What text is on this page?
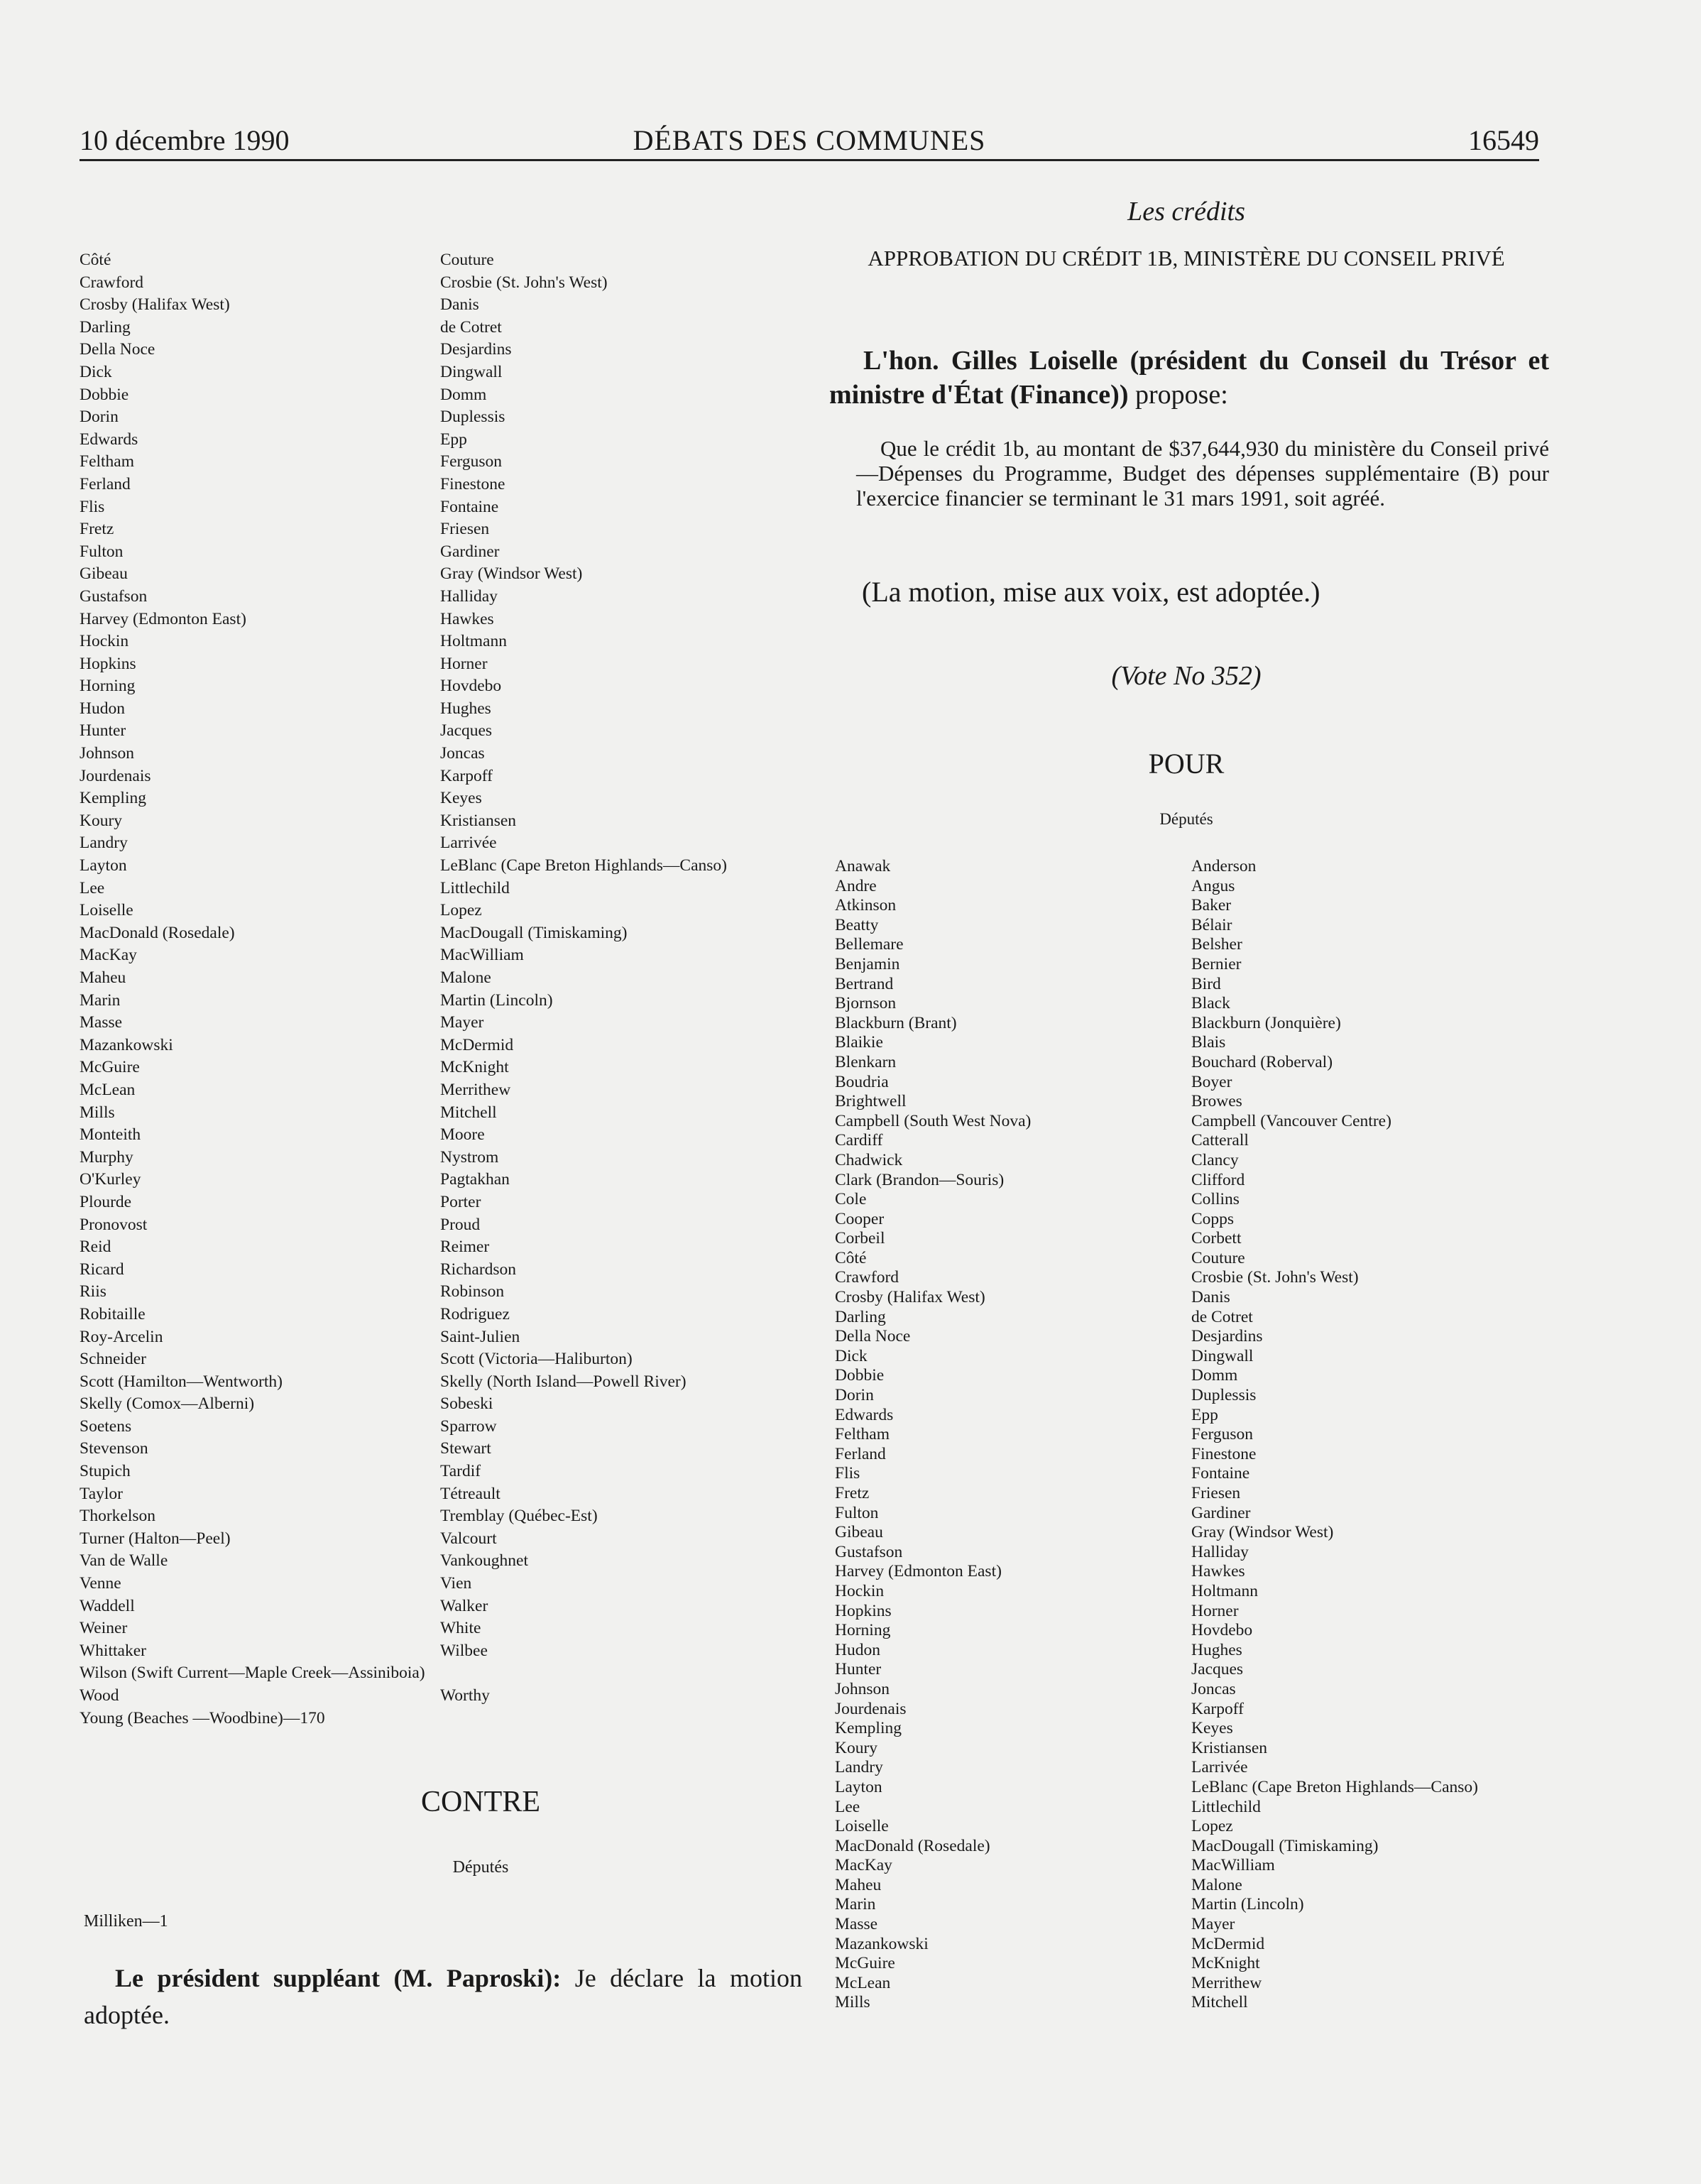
10 décembre 1990	DÉBATS DES COMMUNES	16549
Côté
Crawford
Crosby (Halifax West)
Darling
Della Noce
Dick
Dobbie
Dorin
Edwards
Feltham
Ferland
Flis
Fretz
Fulton
Gibeau
Gustafson
Harvey (Edmonton East)
Hockin
Hopkins
Horning
Hudon
Hunter
Johnson
Jourdenais
Kempling
Koury
Landry
Layton
Lee
Loiselle
MacDonald (Rosedale)
MacKay
Maheu
Marin
Masse
Mazankowski
McGuire
McLean
Mills
Monteith
Murphy
O'Kurley
Plourde
Pronovost
Reid
Ricard
Riis
Robitaille
Roy-Arcelin
Schneider
Scott (Hamilton—Wentworth)
Skelly (Comox—Alberni)
Soetens
Stevenson
Stupich
Taylor
Thorkelson
Turner (Halton—Peel)
Van de Walle
Venne
Waddell
Weiner
Whittaker
Wilson (Swift Current—Maple Creek—Assiniboia)
Wood
Young (Beaches —Woodbine)—170
Couture
Crosbie (St. John's West)
Danis
de Cotret
Desjardins
Dingwall
Domm
Duplessis
Epp
Ferguson
Finestone
Fontaine
Friesen
Gardiner
Gray (Windsor West)
Halliday
Hawkes
Holtmann
Horner
Hovdebo
Hughes
Jacques
Joncas
Karpoff
Keyes
Kristiansen
Larrivée
LeBlanc (Cape Breton Highlands—Canso)
Littlechild
Lopez
MacDougall (Timiskaming)
MacWilliam
Malone
Martin (Lincoln)
Mayer
McDermid
McKnight
Merrithew
Mitchell
Moore
Nystrom
Pagtakhan
Porter
Proud
Reimer
Richardson
Robinson
Rodriguez
Saint-Julien
Scott (Victoria—Haliburton)
Skelly (North Island—Powell River)
Sobeski
Sparrow
Stewart
Tardif
Tétreault
Tremblay (Québec-Est)
Valcourt
Vankoughnet
Vien
Walker
White
Wilbee
Worthy
CONTRE
Députés
Milliken—1

Le président suppléant (M. Paproski): Je déclare la motion adoptée.

Les crédits
APPROBATION DU CRÉDIT 1B, MINISTÈRE DU CONSEIL PRIVÉ

L'hon. Gilles Loiselle (président du Conseil du Trésor et ministre d'État (Finance)) propose:

Que le crédit 1b, au montant de $37,644,930 du ministère du Conseil privé—Dépenses du Programme, Budget des dépenses supplémentaire (B) pour l'exercice financier se terminant le 31 mars 1991, soit agréé.

(La motion, mise aux voix, est adoptée.)
(Vote No 352)
POUR
Députés
Anawak
Andre
Atkinson
Beatty
Bellemare
Benjamin
Bertrand
Bjornson
Blackburn (Brant)
Blaikie
Blenkarn
Boudria
Brightwell
Campbell (South West Nova)
Cardiff
Chadwick
Clark (Brandon—Souris)
Cole
Cooper
Corbeil
Côté
Crawford
Crosby (Halifax West)
Darling
Della Noce
Dick
Dobbie
Dorin
Edwards
Feltham
Ferland
Flis
Fretz
Fulton
Gibeau
Gustafson
Harvey (Edmonton East)
Hockin
Hopkins
Horning
Hudon
Hunter
Johnson
Jourdenais
Kempling
Koury
Landry
Layton
Lee
Loiselle
MacDonald (Rosedale)
MacKay
Maheu
Marin
Masse
Mazankowski
McGuire
McLean
Mills
Anderson
Angus
Baker
Bélair
Belsher
Bernier
Bird
Black
Blackburn (Jonquière)
Blais
Bouchard (Roberval)
Boyer
Browes
Campbell (Vancouver Centre)
Catterall
Clancy
Clifford
Collins
Copps
Corbett
Couture
Crosbie (St. John's West)
Danis
de Cotret
Desjardins
Dingwall
Domm
Duplessis
Epp
Ferguson
Finestone
Fontaine
Friesen
Gardiner
Gray (Windsor West)
Halliday
Hawkes
Holtmann
Horner
Hovdebo
Hughes
Jacques
Joncas
Karpoff
Keyes
Kristiansen
Larrivée
LeBlanc (Cape Breton Highlands—Canso)
Littlechild
Lopez
MacDougall (Timiskaming)
MacWilliam
Malone
Martin (Lincoln)
Mayer
McDermid
McKnight
Merrithew
Mitchell
